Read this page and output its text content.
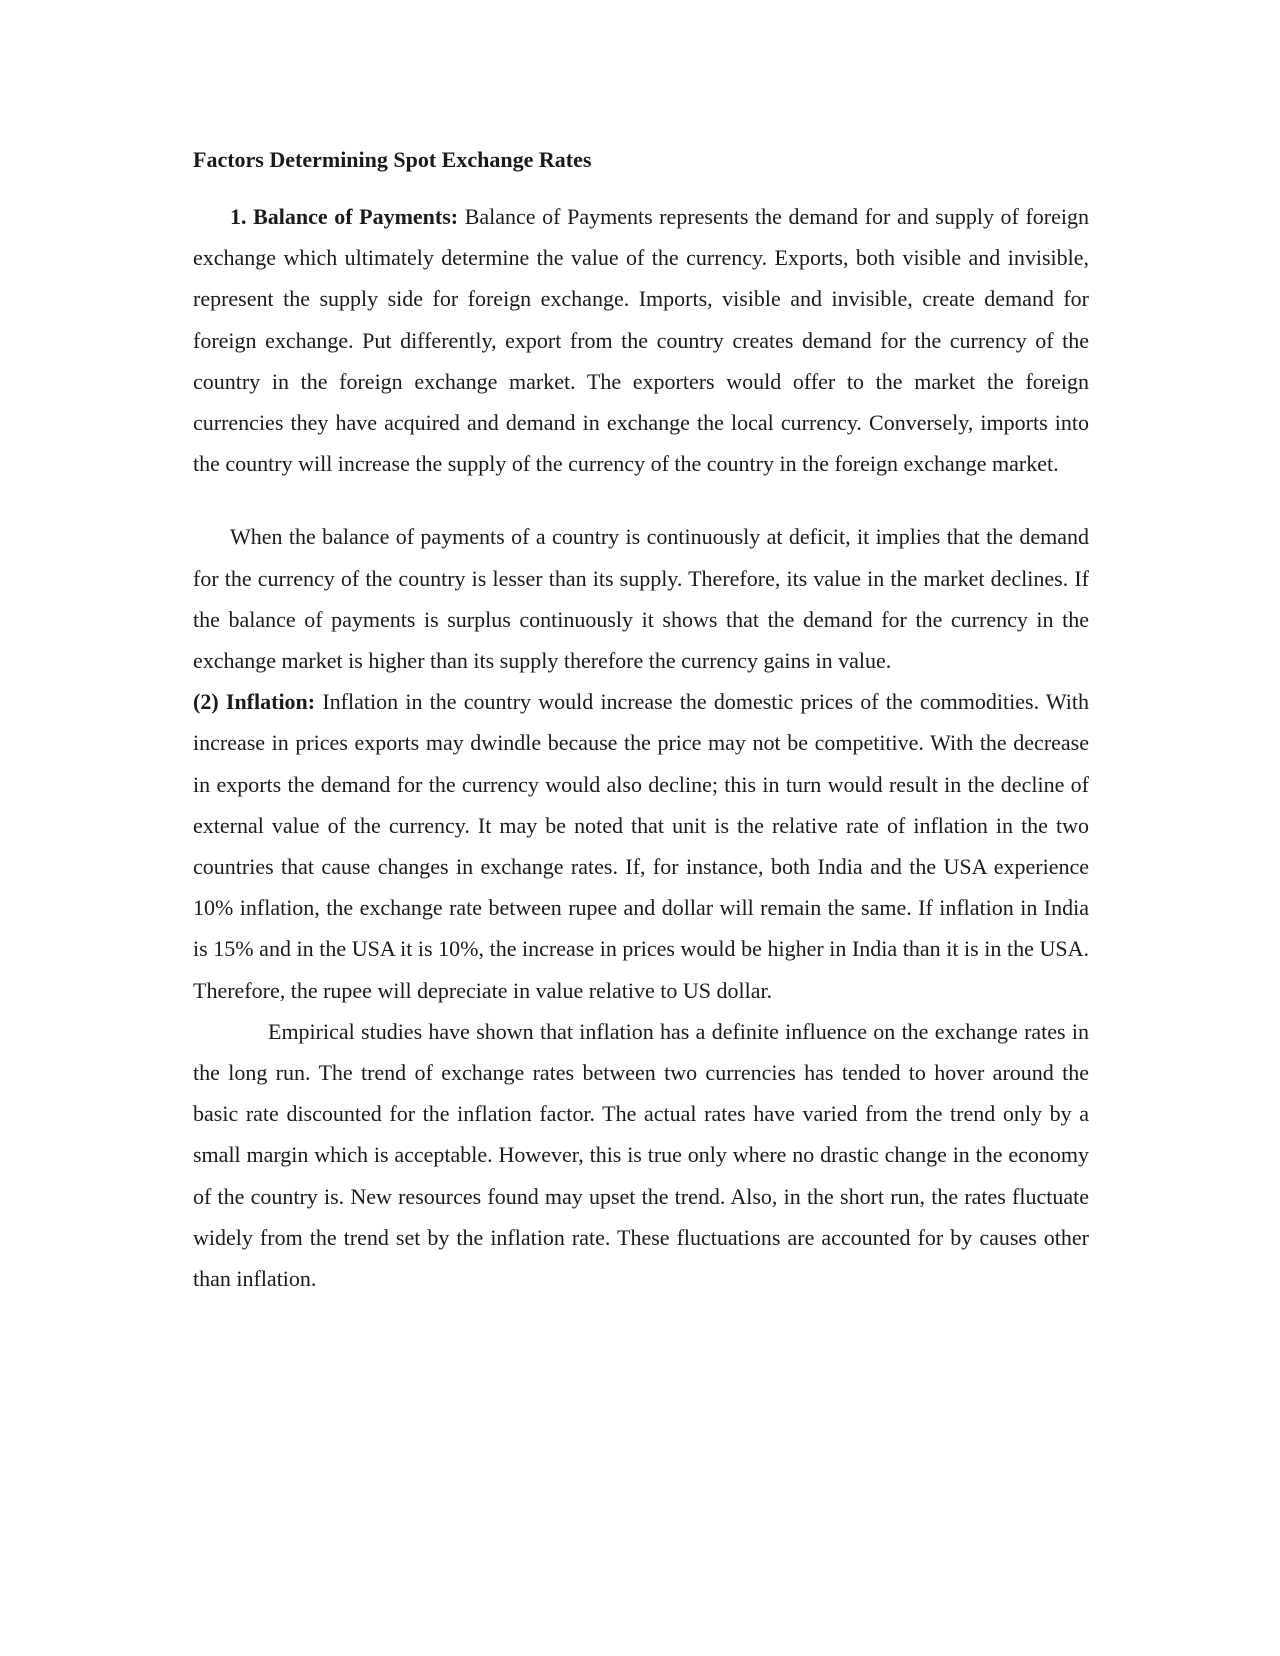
Factors Determining Spot Exchange Rates

1. Balance of Payments: Balance of Payments represents the demand for and supply of foreign exchange which ultimately determine the value of the currency. Exports, both visible and invisible, represent the supply side for foreign exchange. Imports, visible and invisible, create demand for foreign exchange. Put differently, export from the country creates demand for the currency of the country in the foreign exchange market. The exporters would offer to the market the foreign currencies they have acquired and demand in exchange the local currency. Conversely, imports into the country will increase the supply of the currency of the country in the foreign exchange market.

When the balance of payments of a country is continuously at deficit, it implies that the demand for the currency of the country is lesser than its supply. Therefore, its value in the market declines. If the balance of payments is surplus continuously it shows that the demand for the currency in the exchange market is higher than its supply therefore the currency gains in value.

(2) Inflation: Inflation in the country would increase the domestic prices of the commodities. With increase in prices exports may dwindle because the price may not be competitive. With the decrease in exports the demand for the currency would also decline; this in turn would result in the decline of external value of the currency. It may be noted that unit is the relative rate of inflation in the two countries that cause changes in exchange rates. If, for instance, both India and the USA experience 10% inflation, the exchange rate between rupee and dollar will remain the same. If inflation in India is 15% and in the USA it is 10%, the increase in prices would be higher in India than it is in the USA. Therefore, the rupee will depreciate in value relative to US dollar.

Empirical studies have shown that inflation has a definite influence on the exchange rates in the long run. The trend of exchange rates between two currencies has tended to hover around the basic rate discounted for the inflation factor. The actual rates have varied from the trend only by a small margin which is acceptable. However, this is true only where no drastic change in the economy of the country is. New resources found may upset the trend. Also, in the short run, the rates fluctuate widely from the trend set by the inflation rate. These fluctuations are accounted for by causes other than inflation.
